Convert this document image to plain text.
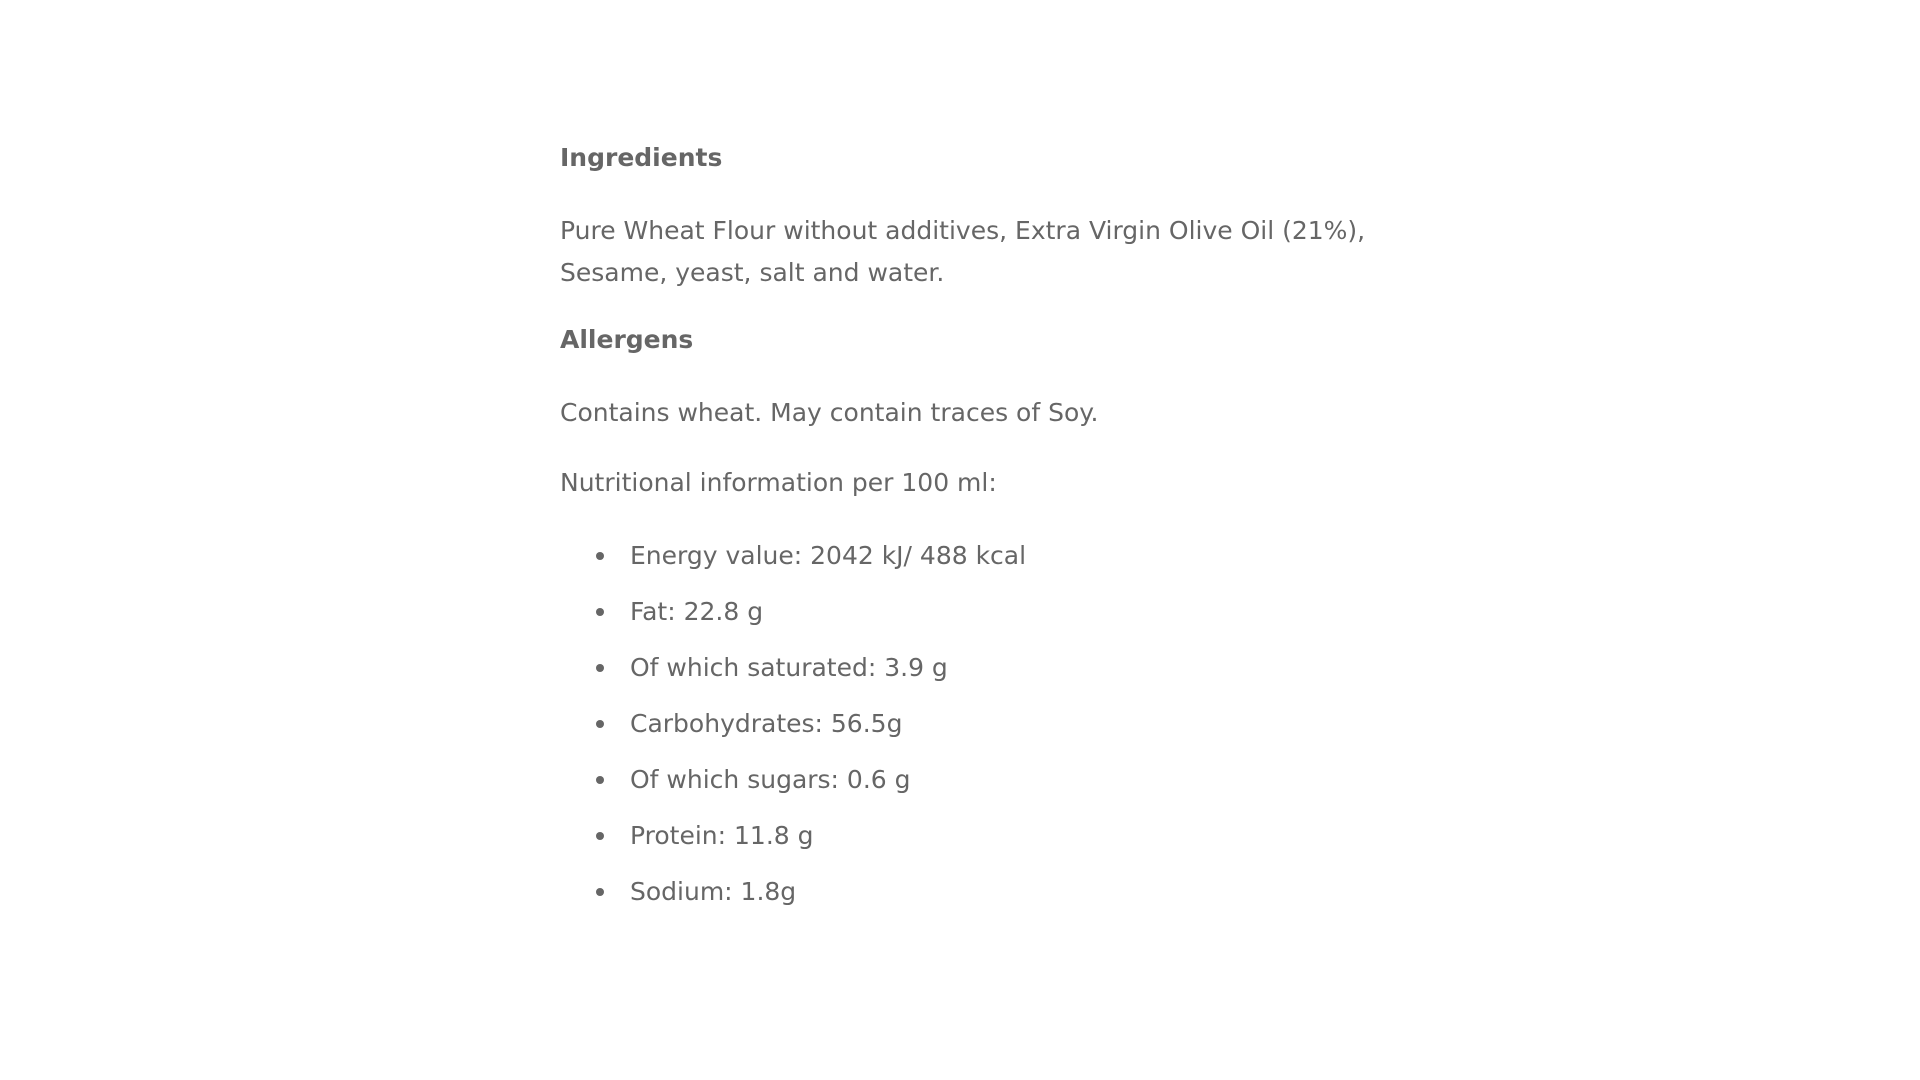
Ingredients
Pure Wheat Flour without additives, Extra Virgin Olive Oil (21%),
Sesame, yeast, salt and water.
Allergens
Contains wheat. May contain traces of Soy.
Nutritional information per 100 ml:
Energy value: 2042 kJ/ 488 kcal
Fat: 22.8 g
Of which saturated: 3.9 g
Carbohydrates: 56.5g
Of which sugars: 0.6 g
Protein: 11.8 g
Sodium: 1.8g
